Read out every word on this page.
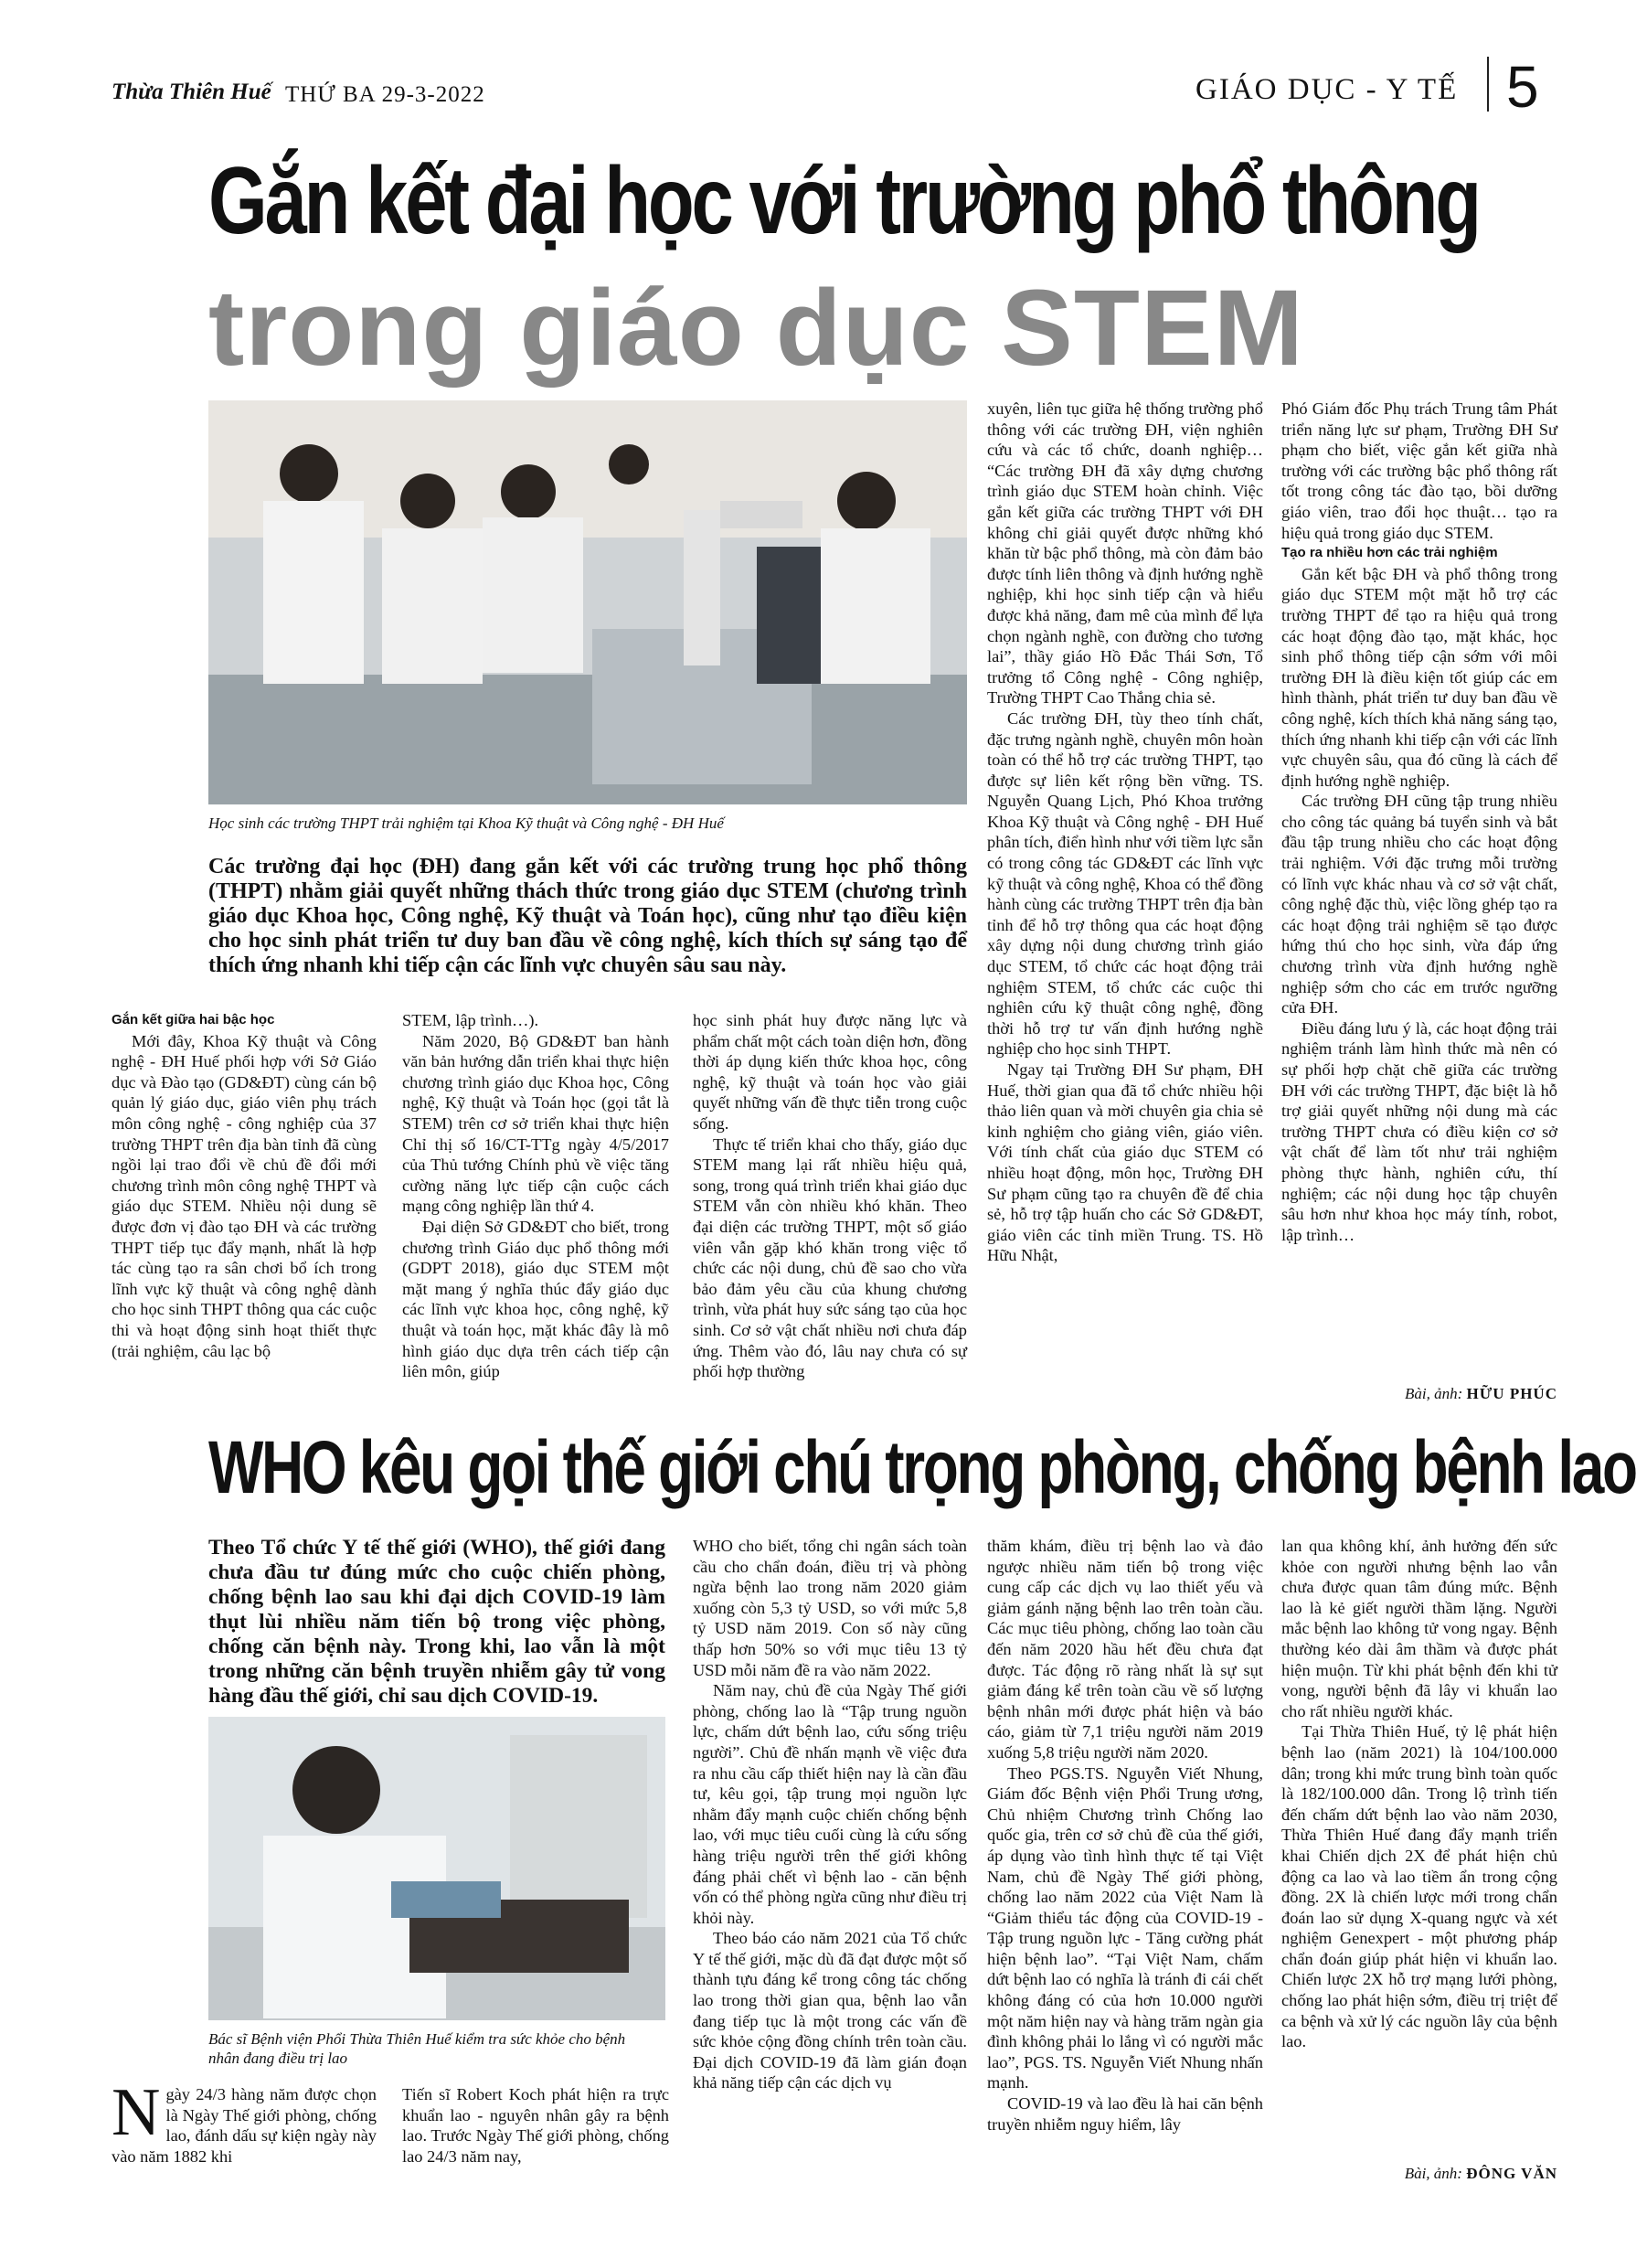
Thừa Thiên Huế THỨ BA 29-3-2022	GIÁO DỤC - Y TẾ 5
Gắn kết đại học với trường phổ thông
trong giáo dục STEM
Học sinh các trường THPT trải nghiệm tại Khoa Kỹ thuật và Công nghệ - ĐH Huế

xuyên, liên tục giữa hệ thống trường phổ thông với các trường ĐH, viện nghiên cứu và các tổ chức, doanh nghiệp… “Các trường ĐH đã xây dựng chương trình giáo dục STEM hoàn chỉnh. Việc gắn kết giữa các trường THPT với ĐH không chỉ giải quyết được những khó khăn từ bậc phổ thông, mà còn đảm bảo được tính liên thông và định hướng nghề nghiệp, khi học sinh tiếp cận và hiểu được khả năng, đam mê của mình để lựa chọn ngành nghề, con đường cho tương lai”, thầy giáo Hồ Đắc Thái Sơn, Tổ trưởng tổ Công nghệ - Công nghiệp, Trường THPT Cao Thắng chia sẻ.

Các trường ĐH, tùy theo tính chất, đặc trưng ngành nghề, chuyên môn hoàn toàn có thể hỗ trợ các trường THPT, tạo được sự liên kết rộng bền vững. TS. Nguyễn Quang Lịch, Phó Khoa trưởng Khoa Kỹ thuật và Công nghệ - ĐH Huế phân tích, điển hình như với tiềm lực sẵn có trong công tác GD&ĐT các lĩnh vực kỹ thuật và công nghệ, Khoa có thể đồng hành cùng các trường THPT trên địa bàn tỉnh để hỗ trợ thông qua các hoạt động xây dựng nội dung chương trình giáo dục STEM, tổ chức các hoạt động trải nghiệm STEM, tổ chức các cuộc thi nghiên cứu kỹ thuật công nghệ, đồng thời hỗ trợ tư vấn định hướng nghề nghiệp cho học sinh THPT.

Ngay tại Trường ĐH Sư phạm, ĐH Huế, thời gian qua đã tổ chức nhiều hội thảo liên quan và mời chuyên gia chia sẻ kinh nghiệm cho giảng viên, giáo viên. Với tính chất của giáo dục STEM có nhiều hoạt động, môn học, Trường ĐH Sư phạm cũng tạo ra chuyên đề để chia sẻ, hỗ trợ tập huấn cho các Sở GD&ĐT, giáo viên các tỉnh miền Trung. TS. Hồ Hữu Nhật,

Phó Giám đốc Phụ trách Trung tâm Phát triển năng lực sư phạm, Trường ĐH Sư phạm cho biết, việc gắn kết giữa nhà trường với các trường bậc phổ thông rất tốt trong công tác đào tạo, bồi dưỡng giáo viên, trao đổi học thuật… tạo ra hiệu quả trong giáo dục STEM.

Tạo ra nhiều hơn các trải nghiệm

Gắn kết bậc ĐH và phổ thông trong giáo dục STEM một mặt hỗ trợ các trường THPT để tạo ra hiệu quả trong các hoạt động đào tạo, mặt khác, học sinh phổ thông tiếp cận sớm với môi trường ĐH là điều kiện tốt giúp các em hình thành, phát triển tư duy ban đầu về công nghệ, kích thích khả năng sáng tạo, thích ứng nhanh khi tiếp cận với các lĩnh vực chuyên sâu, qua đó cũng là cách để định hướng nghề nghiệp.

Các trường ĐH cũng tập trung nhiều cho công tác quảng bá tuyển sinh và bắt đầu tập trung nhiều cho các hoạt động trải nghiệm. Với đặc trưng mỗi trường có lĩnh vực khác nhau và cơ sở vật chất, công nghệ đặc thù, việc lồng ghép tạo ra các hoạt động trải nghiệm sẽ tạo được hứng thú cho học sinh, vừa đáp ứng chương trình vừa định hướng nghề nghiệp sớm cho các em trước ngưỡng cửa ĐH.

Điều đáng lưu ý là, các hoạt động trải nghiệm tránh làm hình thức mà nên có sự phối hợp chặt chẽ giữa các trường ĐH với các trường THPT, đặc biệt là hỗ trợ giải quyết những nội dung mà các trường THPT chưa có điều kiện cơ sở vật chất để làm tốt như trải nghiệm phòng thực hành, nghiên cứu, thí nghiệm; các nội dung học tập chuyên sâu hơn như khoa học máy tính, robot, lập trình…

Các trường đại học (ĐH) đang gắn kết với các trường trung học phổ thông (THPT) nhằm giải quyết những thách thức trong giáo dục STEM (chương trình giáo dục Khoa học, Công nghệ, Kỹ thuật và Toán học), cũng như tạo điều kiện cho học sinh phát triển tư duy ban đầu về công nghệ, kích thích sự sáng tạo để thích ứng nhanh khi tiếp cận các lĩnh vực chuyên sâu sau này.

Gắn kết giữa hai bậc học

Mới đây, Khoa Kỹ thuật và Công nghệ - ĐH Huế phối hợp với Sở Giáo dục và Đào tạo (GD&ĐT) cùng cán bộ quản lý giáo dục, giáo viên phụ trách môn công nghệ - công nghiệp của 37 trường THPT trên địa bàn tỉnh đã cùng ngồi lại trao đổi về chủ đề đổi mới chương trình môn công nghệ THPT và giáo dục STEM. Nhiều nội dung sẽ được đơn vị đào tạo ĐH và các trường THPT tiếp tục đẩy mạnh, nhất là hợp tác cùng tạo ra sân chơi bổ ích trong lĩnh vực kỹ thuật và công nghệ dành cho học sinh THPT thông qua các cuộc thi và hoạt động sinh hoạt thiết thực (trải nghiệm, câu lạc bộ

STEM, lập trình…).

Năm 2020, Bộ GD&ĐT ban hành văn bản hướng dẫn triển khai thực hiện chương trình giáo dục Khoa học, Công nghệ, Kỹ thuật và Toán học (gọi tắt là STEM) trên cơ sở triển khai thực hiện Chỉ thị số 16/CT-TTg ngày 4/5/2017 của Thủ tướng Chính phủ về việc tăng cường năng lực tiếp cận cuộc cách mạng công nghiệp lần thứ 4.

Đại diện Sở GD&ĐT cho biết, trong chương trình Giáo dục phổ thông mới (GDPT 2018), giáo dục STEM một mặt mang ý nghĩa thúc đẩy giáo dục các lĩnh vực khoa học, công nghệ, kỹ thuật và toán học, mặt khác đây là mô hình giáo dục dựa trên cách tiếp cận liên môn, giúp

học sinh phát huy được năng lực và phẩm chất một cách toàn diện hơn, đồng thời áp dụng kiến thức khoa học, công nghệ, kỹ thuật và toán học vào giải quyết những vấn đề thực tiễn trong cuộc sống.

Thực tế triển khai cho thấy, giáo dục STEM mang lại rất nhiều hiệu quả, song, trong quá trình triển khai giáo dục STEM vẫn còn nhiều khó khăn. Theo đại diện các trường THPT, một số giáo viên vẫn gặp khó khăn trong việc tổ chức các nội dung, chủ đề sao cho vừa bảo đảm yêu cầu của khung chương trình, vừa phát huy sức sáng tạo của học sinh. Cơ sở vật chất nhiều nơi chưa đáp ứng. Thêm vào đó, lâu nay chưa có sự phối hợp thường

Bài, ảnh: HỮU PHÚC
WHO kêu gọi thế giới chú trọng phòng, chống bệnh lao
Theo Tổ chức Y tế thế giới (WHO), thế giới đang chưa đầu tư đúng mức cho cuộc chiến phòng, chống bệnh lao sau khi đại dịch COVID-19 làm thụt lùi nhiều năm tiến bộ trong việc phòng, chống căn bệnh này. Trong khi, lao vẫn là một trong những căn bệnh truyền nhiễm gây tử vong hàng đầu thế giới, chỉ sau dịch COVID-19.
Bác sĩ Bệnh viện Phổi Thừa Thiên Huế kiểm tra sức khỏe cho bệnh nhân đang điều trị lao
N gày 24/3 hàng năm được chọn là Ngày Thế giới phòng, chống lao, đánh dấu sự kiện ngày này vào năm 1882 khi

Tiến sĩ Robert Koch phát hiện ra trực khuẩn lao - nguyên nhân gây ra bệnh lao. Trước Ngày Thế giới phòng, chống lao 24/3 năm nay,

WHO cho biết, tổng chi ngân sách toàn cầu cho chẩn đoán, điều trị và phòng ngừa bệnh lao trong năm 2020 giảm xuống còn 5,3 tỷ USD, so với mức 5,8 tỷ USD năm 2019. Con số này cũng thấp hơn 50% so với mục tiêu 13 tỷ USD mỗi năm đề ra vào năm 2022.

Năm nay, chủ đề của Ngày Thế giới phòng, chống lao là “Tập trung nguồn lực, chấm dứt bệnh lao, cứu sống triệu người”. Chủ đề nhấn mạnh về việc đưa ra nhu cầu cấp thiết hiện nay là cần đầu tư, kêu gọi, tập trung mọi nguồn lực nhằm đẩy mạnh cuộc chiến chống bệnh lao, với mục tiêu cuối cùng là cứu sống hàng triệu người trên thế giới không đáng phải chết vì bệnh lao - căn bệnh vốn có thể phòng ngừa cũng như điều trị khỏi này.

Theo báo cáo năm 2021 của Tổ chức Y tế thế giới, mặc dù đã đạt được một số thành tựu đáng kể trong công tác chống lao trong thời gian qua, bệnh lao vẫn đang tiếp tục là một trong các vấn đề sức khỏe cộng đồng chính trên toàn cầu. Đại dịch COVID-19 đã làm gián đoạn khả năng tiếp cận các dịch vụ

thăm khám, điều trị bệnh lao và đảo ngược nhiều năm tiến bộ trong việc cung cấp các dịch vụ lao thiết yếu và giảm gánh nặng bệnh lao trên toàn cầu. Các mục tiêu phòng, chống lao toàn cầu đến năm 2020 hầu hết đều chưa đạt được. Tác động rõ ràng nhất là sự sụt giảm đáng kể trên toàn cầu về số lượng bệnh nhân mới được phát hiện và báo cáo, giảm từ 7,1 triệu người năm 2019 xuống 5,8 triệu người năm 2020.

Theo PGS.TS. Nguyễn Viết Nhung, Giám đốc Bệnh viện Phổi Trung ương, Chủ nhiệm Chương trình Chống lao quốc gia, trên cơ sở chủ đề của thế giới, áp dụng vào tình hình thực tế tại Việt Nam, chủ đề Ngày Thế giới phòng, chống lao năm 2022 của Việt Nam là “Giảm thiểu tác động của COVID-19 - Tập trung nguồn lực - Tăng cường phát hiện bệnh lao”. “Tại Việt Nam, chấm dứt bệnh lao có nghĩa là tránh đi cái chết không đáng có của hơn 10.000 người một năm hiện nay và hàng trăm ngàn gia đình không phải lo lắng vì có người mắc lao”, PGS. TS. Nguyễn Viết Nhung nhấn mạnh.

COVID-19 và lao đều là hai căn bệnh truyền nhiễm nguy hiểm, lây

lan qua không khí, ảnh hưởng đến sức khỏe con người nhưng bệnh lao vẫn chưa được quan tâm đúng mức. Bệnh lao là kẻ giết người thầm lặng. Người mắc bệnh lao không tử vong ngay. Bệnh thường kéo dài âm thầm và được phát hiện muộn. Từ khi phát bệnh đến khi tử vong, người bệnh đã lây vi khuẩn lao cho rất nhiều người khác.

Tại Thừa Thiên Huế, tỷ lệ phát hiện bệnh lao (năm 2021) là 104/100.000 dân; trong khi mức trung bình toàn quốc là 182/100.000 dân. Trong lộ trình tiến đến chấm dứt bệnh lao vào năm 2030, Thừa Thiên Huế đang đẩy mạnh triển khai Chiến dịch 2X để phát hiện chủ động ca lao và lao tiềm ẩn trong cộng đồng. 2X là chiến lược mới trong chẩn đoán lao sử dụng X-quang ngực và xét nghiệm Genexpert - một phương pháp chẩn đoán giúp phát hiện vi khuẩn lao. Chiến lược 2X hỗ trợ mạng lưới phòng, chống lao phát hiện sớm, điều trị triệt để ca bệnh và xử lý các nguồn lây của bệnh lao.

Bài, ảnh: ĐÔNG VĂN
